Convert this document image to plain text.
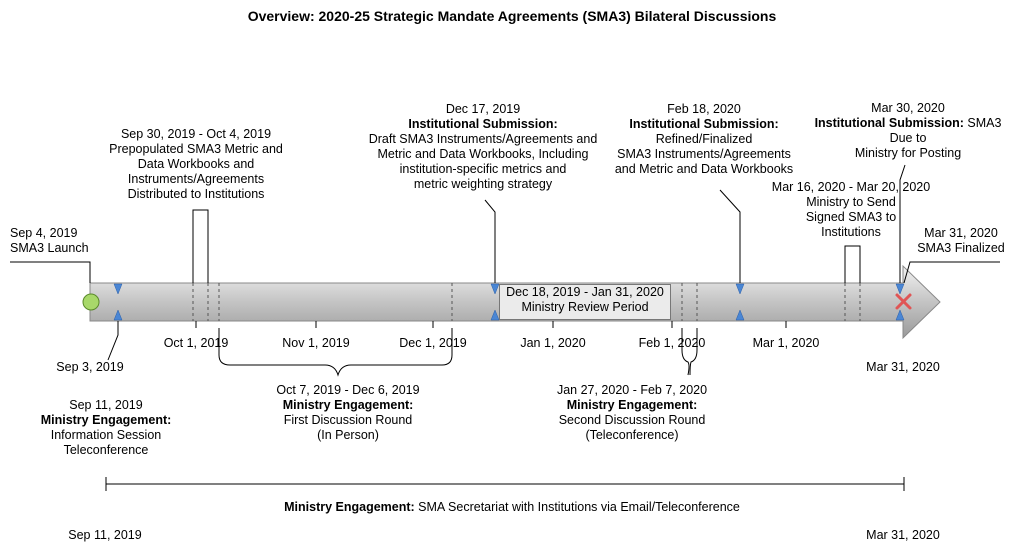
Overview: 2020-25 Strategic Mandate Agreements (SMA3) Bilateral Discussions
Dec 18, 2019 - Jan 31, 2020
Ministry Review Period
Sep 4, 2019
SMA3 Launch
Sep 30, 2019 - Oct 4, 2019
Prepopulated SMA3 Metric and
Data Workbooks and
Instruments/Agreements
Distributed to Institutions
Dec 17, 2019
Institutional Submission:
Draft SMA3 Instruments/Agreements and
Metric and Data Workbooks, Including
institution-specific metrics and
metric weighting strategy
Feb 18, 2020
Institutional Submission:
Refined/Finalized
SMA3 Instruments/Agreements
and Metric and Data Workbooks
Mar 30, 2020
Institutional Submission: SMA3
Due to
Ministry for Posting
Mar 16, 2020 - Mar 20, 2020
Ministry to Send
Signed SMA3 to
Institutions	Mar 31, 2020
SMA3 Finalized
Sep 3, 2019	Mar 31, 2020
Oct 1, 2019	Nov 1, 2019	Dec 1, 2019	Jan 1, 2020	Feb 1, 2020	Mar 1, 2020
Sep 11, 2019
Ministry Engagement:
Information Session
Teleconference
Oct 7, 2019 - Dec 6, 2019
Ministry Engagement:
First Discussion Round
(In Person)
Jan 27, 2020 - Feb 7, 2020
Ministry Engagement:
Second Discussion Round
(Teleconference)
Ministry Engagement: SMA Secretariat with Institutions via Email/Teleconference
Sep 11, 2019	Mar 31, 2020
